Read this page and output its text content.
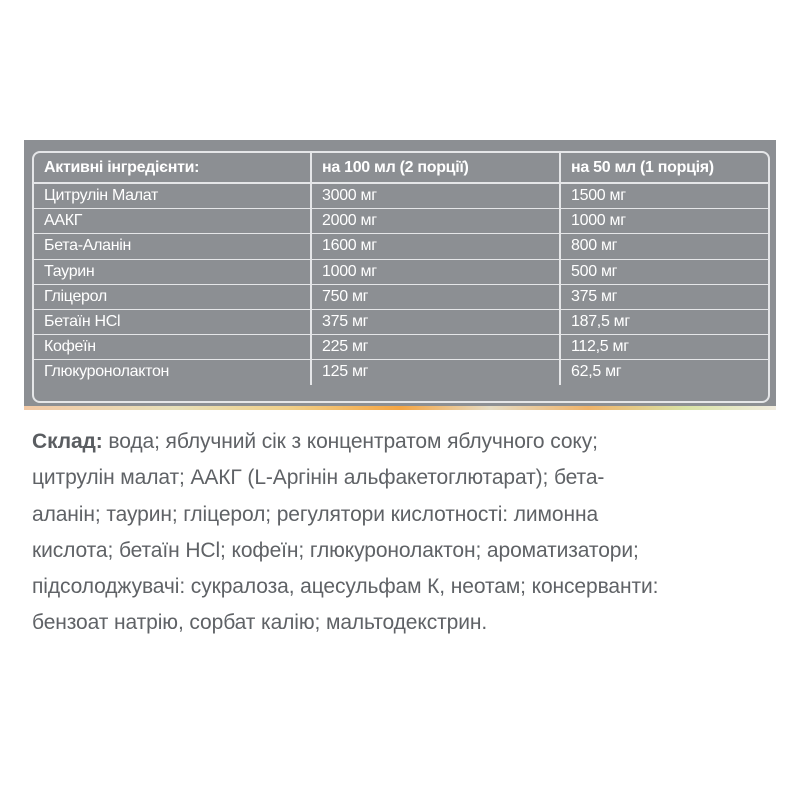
Активні інгредієнти:	на 100 мл (2 порції)	на 50 мл (1 порція)
Цитрулін Малат	3000 мг	1500 мг
ААКГ	2000 мг	1000 мг
Бета-Аланін	1600 мг	800 мг
Таурин	1000 мг	500 мг
Гліцерол	750 мг	375 мг
Бетаїн HCl	375 мг	187,5 мг
Кофеїн	225 мг	112,5 мг
Глюкуронолактон	125 мг	62,5 мг

Склад: вода; яблучний сік з концентратом яблучного соку;

цитрулін малат; ААКГ (L-Аргінін альфакетоглютарат); бета-

аланін; таурин; гліцерол; регулятори кислотності: лимонна

кислота; бетаїн HCl; кофеїн; глюкуронолактон; ароматизатори;

підсолоджувачі: сукралоза, ацесульфам К, неотам; консерванти:

бензоат натрію, сорбат калію; мальтодекстрин.
